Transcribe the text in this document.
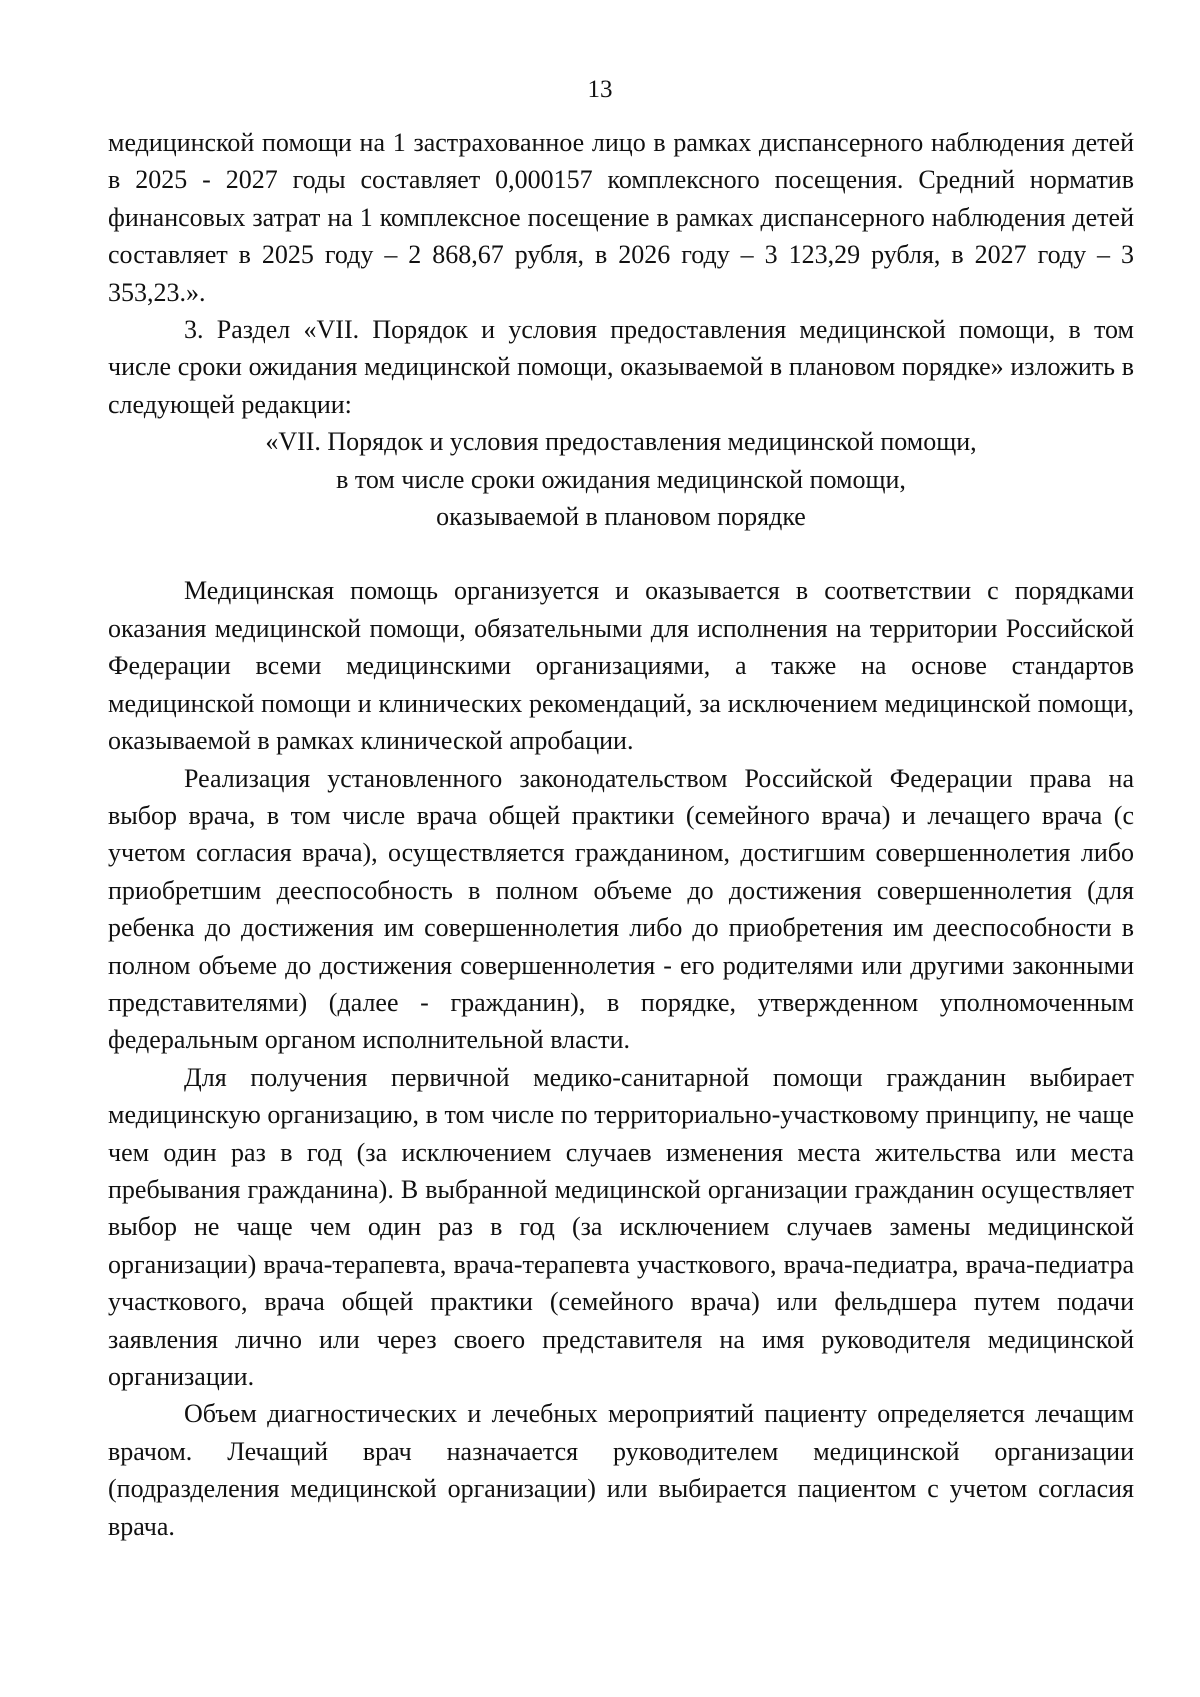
13

медицинской помощи на 1 застрахованное лицо в рамках диспансерного наблюдения детей в 2025 - 2027 годы составляет 0,000157 комплексного посещения. Средний норматив финансовых затрат на 1 комплексное посещение в рамках диспансерного наблюдения детей составляет в 2025 году – 2 868,67 рубля, в 2026 году – 3 123,29 рубля, в 2027 году – 3 353,23.».

3. Раздел «VII. Порядок и условия предоставления медицинской помощи, в том числе сроки ожидания медицинской помощи, оказываемой в плановом порядке» изложить в следующей редакции:

«VII. Порядок и условия предоставления медицинской помощи,
в том числе сроки ожидания медицинской помощи,
оказываемой в плановом порядке

Медицинская помощь организуется и оказывается в соответствии с порядками оказания медицинской помощи, обязательными для исполнения на территории Российской Федерации всеми медицинскими организациями, а также на основе стандартов медицинской помощи и клинических рекомендаций, за исключением медицинской помощи, оказываемой в рамках клинической апробации.

Реализация установленного законодательством Российской Федерации права на выбор врача, в том числе врача общей практики (семейного врача) и лечащего врача (с учетом согласия врача), осуществляется гражданином, достигшим совершеннолетия либо приобретшим дееспособность в полном объеме до достижения совершеннолетия (для ребенка до достижения им совершеннолетия либо до приобретения им дееспособности в полном объеме до достижения совершеннолетия - его родителями или другими законными представителями) (далее - гражданин), в порядке, утвержденном уполномоченным федеральным органом исполнительной власти.

Для получения первичной медико-санитарной помощи гражданин выбирает медицинскую организацию, в том числе по территориально-участковому принципу, не чаще чем один раз в год (за исключением случаев изменения места жительства или места пребывания гражданина). В выбранной медицинской организации гражданин осуществляет выбор не чаще чем один раз в год (за исключением случаев замены медицинской организации) врача-терапевта, врача-терапевта участкового, врача-педиатра, врача-педиатра участкового, врача общей практики (семейного врача) или фельдшера путем подачи заявления лично или через своего представителя на имя руководителя медицинской организации.

Объем диагностических и лечебных мероприятий пациенту определяется лечащим врачом. Лечащий врач назначается руководителем медицинской организации (подразделения медицинской организации) или выбирается пациентом с учетом согласия врача.
